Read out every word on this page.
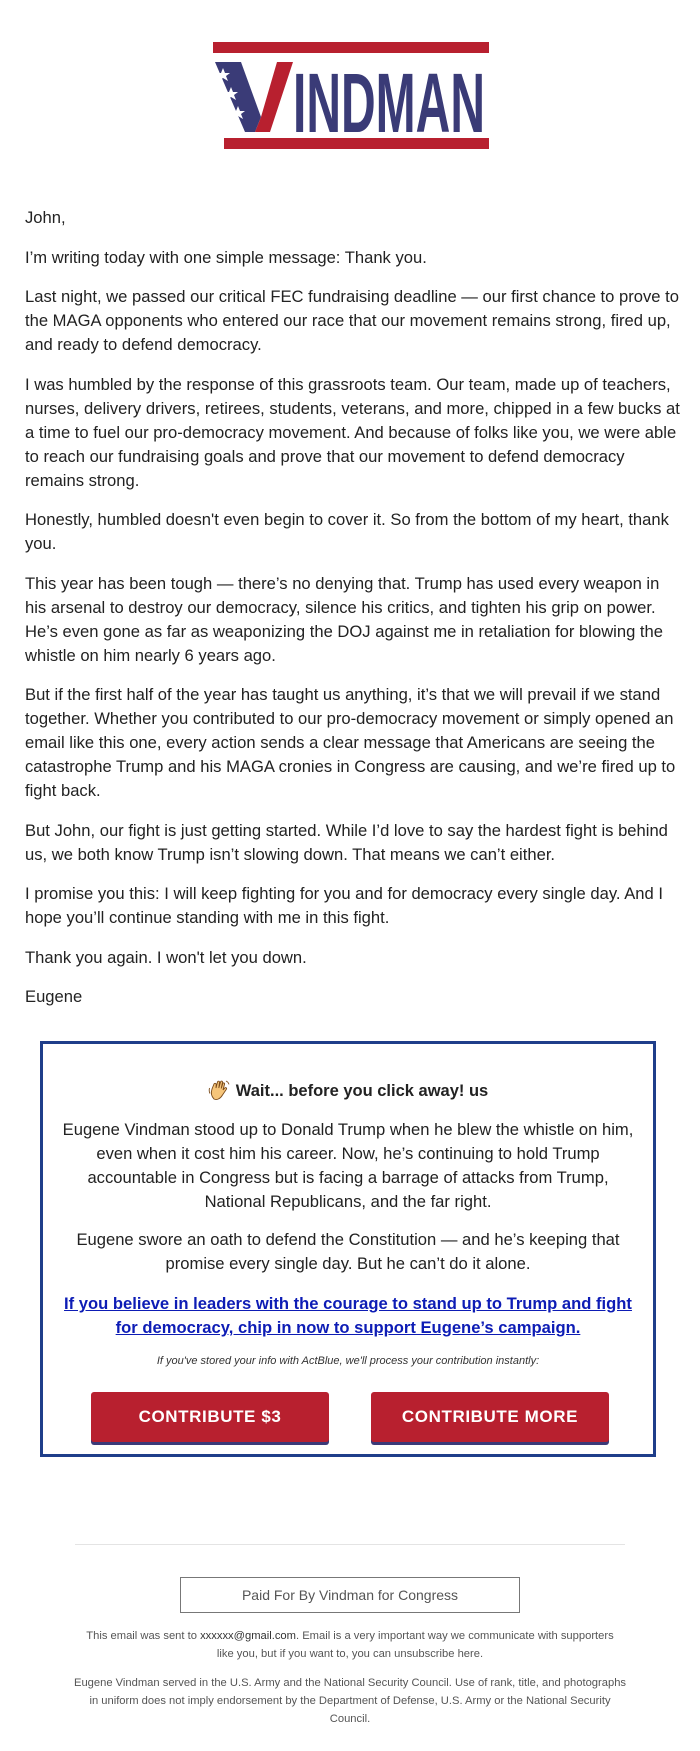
INDMAN

John,

I’m writing today with one simple message: Thank you.

Last night, we passed our critical FEC fundraising deadline — our first chance to prove to the MAGA opponents who entered our race that our movement remains strong, fired up, and ready to defend democracy.

I was humbled by the response of this grassroots team. Our team, made up of teachers, nurses, delivery drivers, retirees, students, veterans, and more, chipped in a few bucks at a time to fuel our pro-democracy movement. And because of folks like you, we were able to reach our fundraising goals and prove that our movement to defend democracy remains strong.

Honestly, humbled doesn't even begin to cover it. So from the bottom of my heart, thank you.

This year has been tough — there’s no denying that. Trump has used every weapon in his arsenal to destroy our democracy, silence his critics, and tighten his grip on power. He’s even gone as far as weaponizing the DOJ against me in retaliation for blowing the whistle on him nearly 6 years ago.

But if the first half of the year has taught us anything, it’s that we will prevail if we stand together. Whether you contributed to our pro-democracy movement or simply opened an email like this one, every action sends a clear message that Americans are seeing the catastrophe Trump and his MAGA cronies in Congress are causing, and we’re fired up to fight back.

But John, our fight is just getting started. While I’d love to say the hardest fight is behind us, we both know Trump isn’t slowing down. That means we can’t either.

I promise you this: I will keep fighting for you and for democracy every single day. And I hope you’ll continue standing with me in this fight.

Thank you again. I won't let you down.

Eugene

Wait... before you click away! us

Eugene Vindman stood up to Donald Trump when he blew the whistle on him, even when it cost him his career. Now, he’s continuing to hold Trump accountable in Congress but is facing a barrage of attacks from Trump, National Republicans, and the far right.

Eugene swore an oath to defend the Constitution — and he’s keeping that promise every single day. But he can’t do it alone.

If you believe in leaders with the courage to stand up to Trump and fight for democracy, chip in now to support Eugene’s campaign.
If you've stored your info with ActBlue, we'll process your contribution instantly:
CONTRIBUTE $3	CONTRIBUTE MORE
Paid For By Vindman for Congress
This email was sent to xxxxxx@gmail.com. Email is a very important way we communicate with supporters like you, but if you want to, you can unsubscribe here.
Eugene Vindman served in the U.S. Army and the National Security Council. Use of rank, title, and photographs in uniform does not imply endorsement by the Department of Defense, U.S. Army or the National Security Council.
